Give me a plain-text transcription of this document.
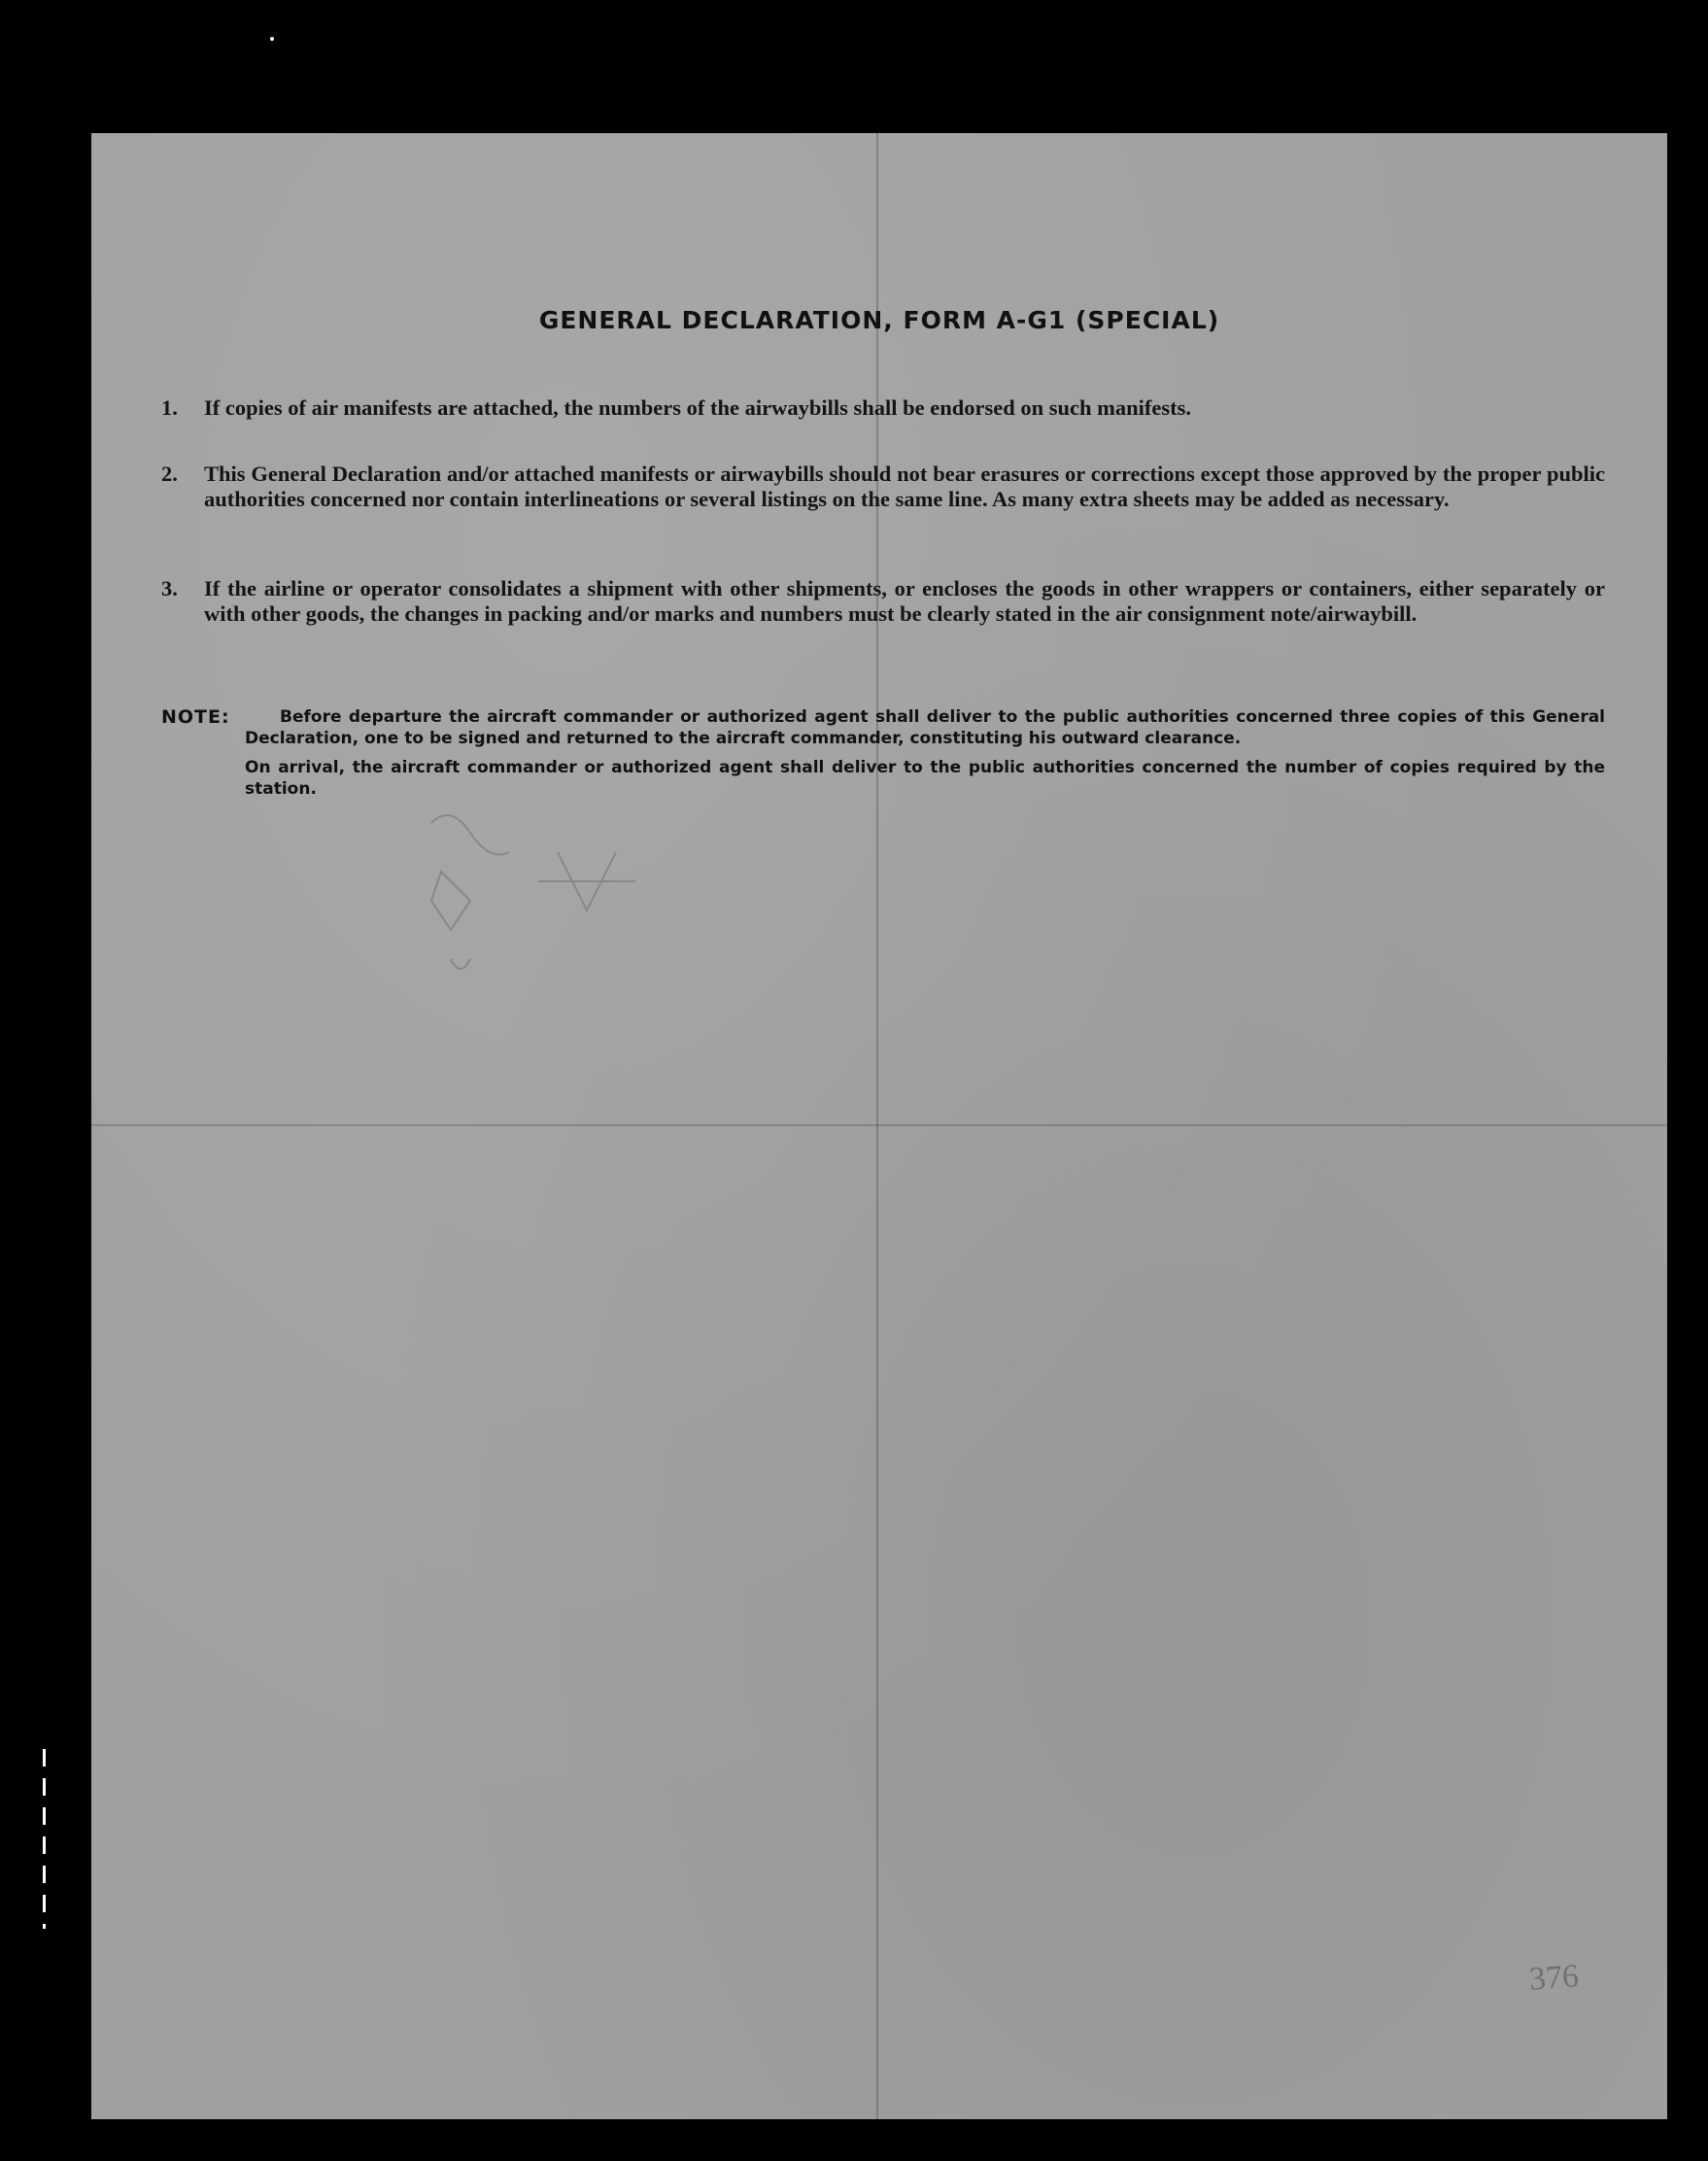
GENERAL DECLARATION, FORM A-G1 (SPECIAL)
1.	If copies of air manifests are attached, the numbers of the airwaybills shall be endorsed on such manifests.
2.	This General Declaration and/or attached manifests or airwaybills should not bear erasures or corrections except those approved by the proper public authorities concerned nor contain interlineations or several listings on the same line. As many extra sheets may be added as necessary.
3.	If the airline or operator consolidates a shipment with other shipments, or encloses the goods in other wrappers or containers, either separately or with other goods, the changes in packing and/or marks and numbers must be clearly stated in the air consignment note/airwaybill.
NOTE:	Before departure the aircraft commander or authorized agent shall deliver to the public authorities concerned three copies of this General Declaration, one to be signed and returned to the aircraft commander, constituting his outward clearance.
On arrival, the aircraft commander or authorized agent shall deliver to the public authorities concerned the number of copies required by the station.
376
